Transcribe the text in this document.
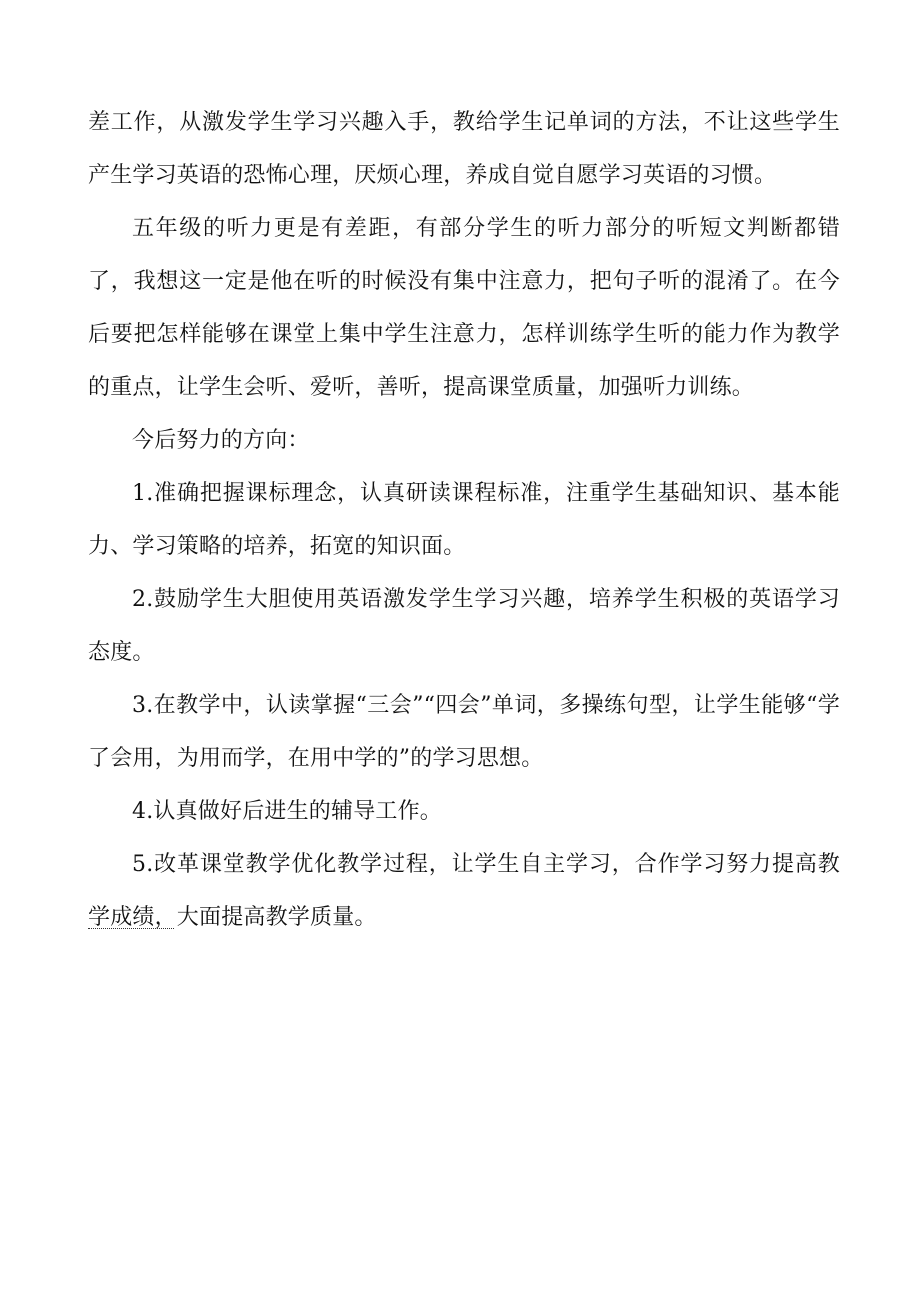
差工作，从激发学生学习兴趣入手，教给学生记单词的方法，不让这些学生产生学习英语的恐怖心理，厌烦心理，养成自觉自愿学习英语的习惯。

五年级的听力更是有差距，有部分学生的听力部分的听短文判断都错了，我想这一定是他在听的时候没有集中注意力，把句子听的混淆了。在今后要把怎样能够在课堂上集中学生注意力，怎样训练学生听的能力作为教学的重点，让学生会听、爱听，善听，提高课堂质量，加强听力训练。

今后努力的方向：

1.准确把握课标理念，认真研读课程标准，注重学生基础知识、基本能力、学习策略的培养，拓宽的知识面。

2.鼓励学生大胆使用英语激发学生学习兴趣，培养学生积极的英语学习态度。

3.在教学中，认读掌握“三会”“四会”单词，多操练句型，让学生能够“学了会用，为用而学，在用中学的”的学习思想。

4.认真做好后进生的辅导工作。

5.改革课堂教学优化教学过程，让学生自主学习，合作学习努力提高教学成绩，大面提高教学质量。
